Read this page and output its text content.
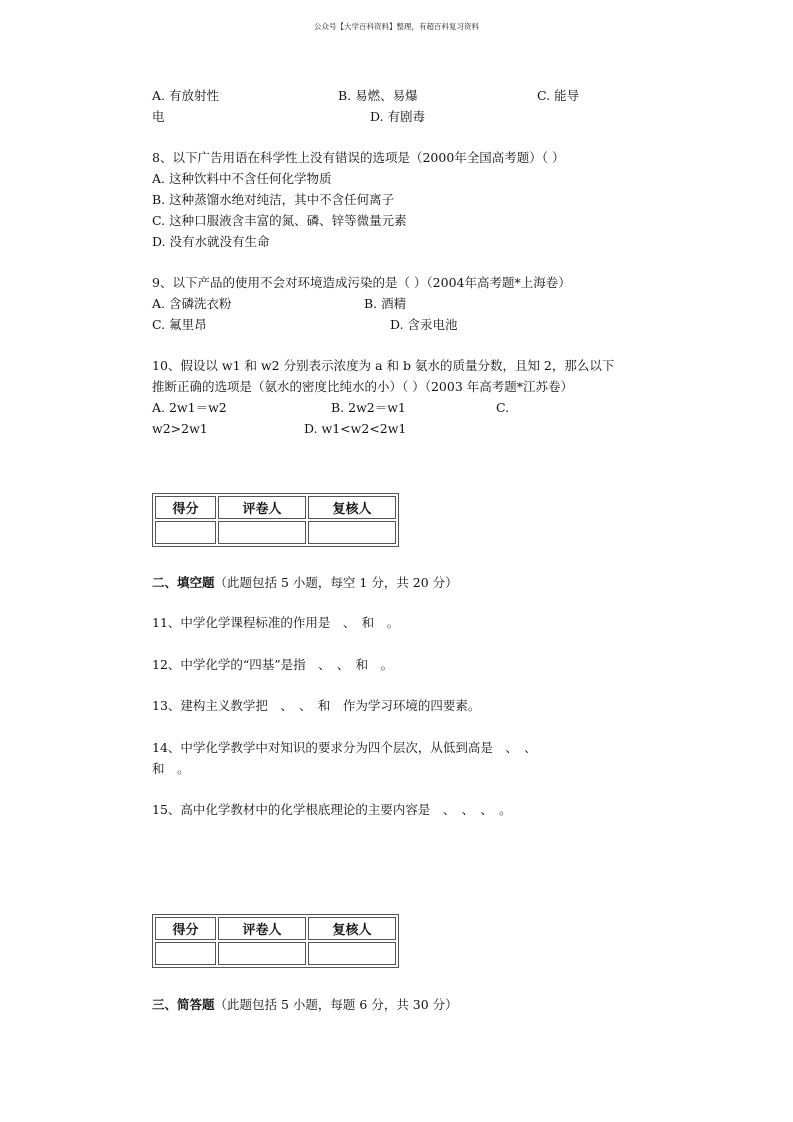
公众号【大学百科资料】整理，有超百科复习资料
A. 有放射性	B. 易燃、易爆	C. 能导
电	D. 有剧毒
8、以下广告用语在科学性上没有错误的选项是（2000年全国高考题）（ ）
A. 这种饮料中不含任何化学物质
B. 这种蒸馏水绝对纯洁，其中不含任何离子
C. 这种口服液含丰富的氮、磷、锌等微量元素
D. 没有水就没有生命
9、以下产品的使用不会对环境造成污染的是（ ）（2004年高考题*上海卷）
A. 含磷洗衣粉	B. 酒精
C. 氟里昂	D. 含汞电池
10、假设以 w1 和 w2 分别表示浓度为 a 和 b 氨水的质量分数，且知 2，那么以下
推断正确的选项是（氨水的密度比纯水的小）（ ）（2003 年高考题*江苏卷）
A. 2w1＝w2	B. 2w2＝w1	C.
w2>2w1	D. w1<w2<2w1
得分	评卷人	复核人

二、填空题（此题包括 5 小题，每空 1 分，共 20 分）
11、中学化学课程标准的作用是　、　和　。
12、中学化学的“四基”是指　、　、　和　。
13、建构主义教学把　、　、　和　作为学习环境的四要素。
14、中学化学教学中对知识的要求分为四个层次，从低到高是　、　、
和　。
15、高中化学教材中的化学根底理论的主要内容是　、　、　、　。
得分	评卷人	复核人

三、简答题（此题包括 5 小题，每题 6 分，共 30 分）
